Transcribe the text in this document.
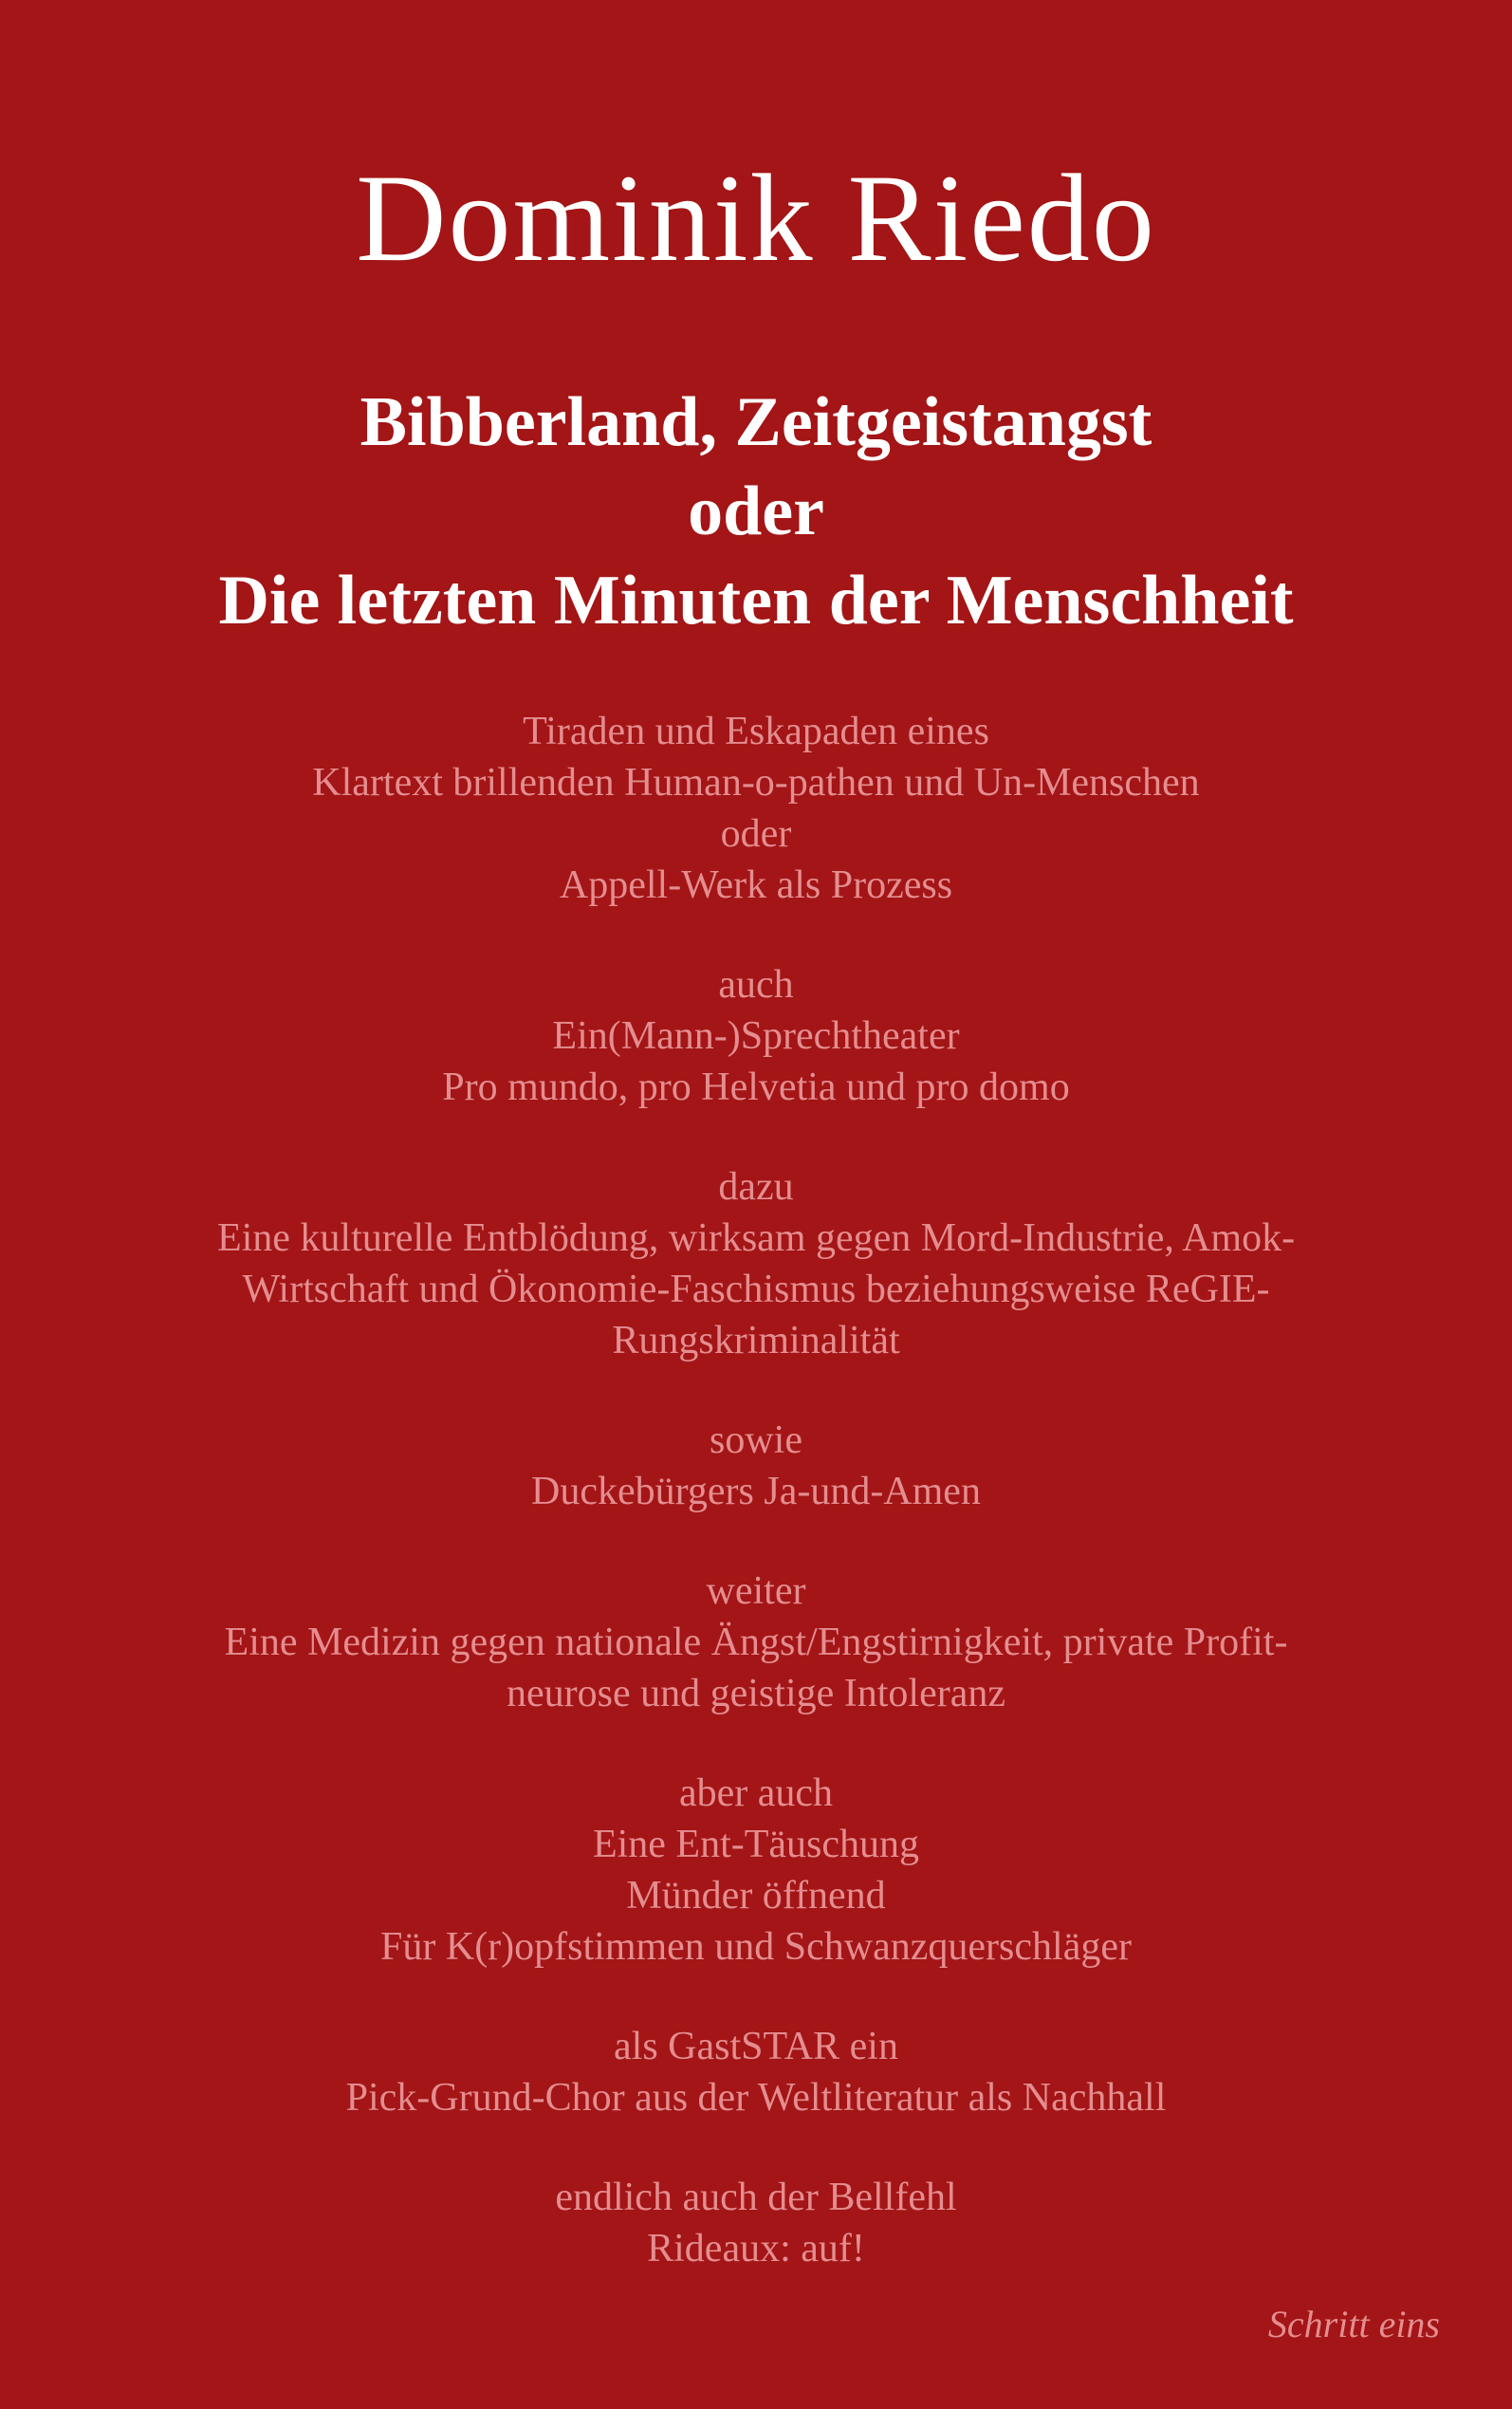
Dominik Riedo
Bibberland, Zeitgeistangst
oder
Die letzten Minuten der Menschheit
Tiraden und Eskapaden eines
Klartext brillenden Human-o-pathen und Un-Menschen
oder
Appell-Werk als Prozess
auch
Ein(Mann-)Sprechtheater
Pro mundo, pro Helvetia und pro domo
dazu
Eine kulturelle Entblödung, wirksam gegen Mord-Industrie, Amok-
Wirtschaft und Ökonomie-Faschismus beziehungsweise ReGIE-
Rungskriminalität
sowie
Duckebürgers Ja-und-Amen
weiter
Eine Medizin gegen nationale Ängst/Engstirnigkeit, private Profit-
neurose und geistige Intoleranz
aber auch
Eine Ent-Täuschung
Münder öffnend
Für K(r)opfstimmen und Schwanzquerschläger
als GastSTAR ein
Pick-Grund-Chor aus der Weltliteratur als Nachhall
endlich auch der Bellfehl
Rideaux: auf!
Schritt eins
